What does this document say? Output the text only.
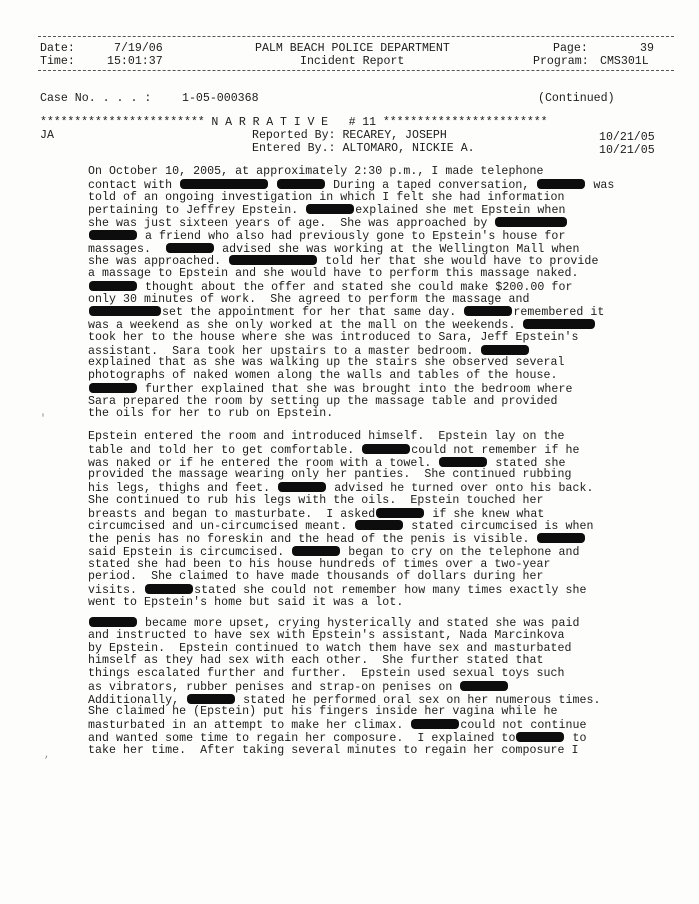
Date:	7/19/06
Time:	15:01:37
PALM BEACH POLICE DEPARTMENT
Incident Report
Page:	39
Program: CMS301L
Case No. . . . : 1-05-000368	(Continued)
************************ N A R R A T I V E   # 11 ************************
JA	Reported By: RECAREY, JOSEPH
Entered By.: ALTOMARO, NICKIE A.
10/21/05
10/21/05
On October 10, 2005, at approximately 2:30 p.m., I made telephone
contact with	During a taped conversation,	was
told of an ongoing investigation in which I felt she had information
pertaining to Jeffrey Epstein.	explained she met Epstein when
she was just sixteen years of age.  She was approached by
a friend who also had previously gone to Epstein's house for
massages.	advised she was working at the Wellington Mall when
she was approached.	told her that she would have to provide
a massage to Epstein and she would have to perform this massage naked.
thought about the offer and stated she could make $200.00 for
only 30 minutes of work.  She agreed to perform the massage and
set the appointment for her that same day.	remembered it
was a weekend as she only worked at the mall on the weekends.
took her to the house where she was introduced to Sara, Jeff Epstein's
assistant.  Sara took her upstairs to a master bedroom.
explained that as she was walking up the stairs she observed several
photographs of naked women along the walls and tables of the house.
further explained that she was brought into the bedroom where
Sara prepared the room by setting up the massage table and provided
the oils for her to rub on Epstein.
Epstein entered the room and introduced himself.  Epstein lay on the
table and told her to get comfortable.	could not remember if he
was naked or if he entered the room with a towel.	stated she
provided the massage wearing only her panties.  She continued rubbing
his legs, thighs and feet.	advised he turned over onto his back.
She continued to rub his legs with the oils.  Epstein touched her
breasts and began to masturbate.  I asked	if she knew what
circumcised and un-circumcised meant.	stated circumcised is when
the penis has no foreskin and the head of the penis is visible.
said Epstein is circumcised.	began to cry on the telephone and
stated she had been to his house hundreds of times over a two-year
period.  She claimed to have made thousands of dollars during her
visits.	stated she could not remember how many times exactly she
went to Epstein's home but said it was a lot.
became more upset, crying hysterically and stated she was paid
and instructed to have sex with Epstein's assistant, Nada Marcinkova
by Epstein.  Epstein continued to watch them have sex and masturbated
himself as they had sex with each other.  She further stated that
things escalated further and further.  Epstein used sexual toys such
as vibrators, rubber penises and strap-on penises on
Additionally,	stated he performed oral sex on her numerous times.
She claimed he (Epstein) put his fingers inside her vagina while he
masturbated in an attempt to make her climax.	could not continue
and wanted some time to regain her composure.  I explained to	to
take her time.  After taking several minutes to regain her composure I
'
,
